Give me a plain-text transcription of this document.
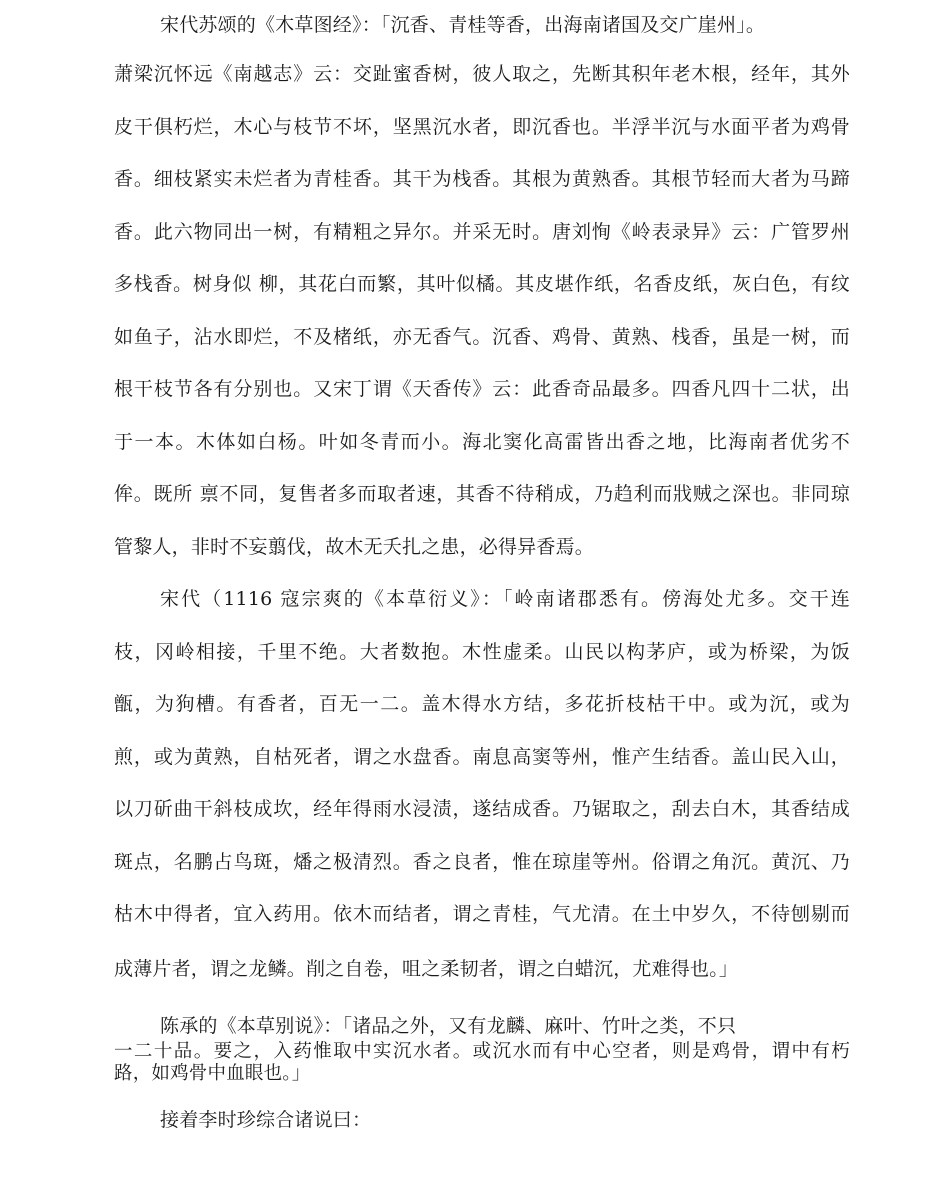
宋代苏颂的《木草图经》：「沉香、青桂等香，出海南诸国及交广崖州」。
萧梁沉怀远《南越志》云：交趾蜜香树，彼人取之，先断其积年老木根，经年，其外
皮干俱朽烂，木心与枝节不坏，坚黑沉水者，即沉香也。半浮半沉与水面平者为鸡骨
香。细枝紧实未烂者为青桂香。其干为栈香。其根为黄熟香。其根节轻而大者为马蹄
香。此六物同出一树，有精粗之异尔。并采无时。唐刘恂《岭表录异》云：广管罗州
多栈香。树身似 柳，其花白而繁，其叶似橘。其皮堪作纸，名香皮纸，灰白色，有纹
如鱼子，沾水即烂，不及楮纸，亦无香气。沉香、鸡骨、黄熟、栈香，虽是一树，而
根干枝节各有分别也。又宋丁谓《天香传》云：此香奇品最多。四香凡四十二状，出
于一本。木体如白杨。叶如冬青而小。海北窦化高雷皆出香之地，比海南者优劣不
侔。既所 禀不同，复售者多而取者速，其香不待稍成，乃趋利而戕贼之深也。非同琼
管黎人，非时不妄翦伐，故木无夭扎之患，必得异香焉。
宋代（1116 寇宗爽的《本草衍义》：「岭南诸郡悉有。傍海处尤多。交干连
枝，冈岭相接，千里不绝。大者数抱。木性虚柔。山民以构茅庐，或为桥梁，为饭
甑，为狗槽。有香者，百无一二。盖木得水方结，多花折枝枯干中。或为沉，或为
煎，或为黄熟，自枯死者，谓之水盘香。南息高窦等州，惟产生结香。盖山民入山，
以刀斫曲干斜枝成坎，经年得雨水浸渍，遂结成香。乃锯取之，刮去白木，其香结成
斑点，名鹏占鸟斑，燔之极清烈。香之良者，惟在琼崖等州。俗谓之角沉。黄沉、乃
枯木中得者，宜入药用。依木而结者，谓之青桂，气尤清。在土中岁久，不待刨剔而
成薄片者，谓之龙鳞。削之自卷，咀之柔韧者，谓之白蜡沉，尤难得也。」
陈承的《本草别说》：「诸品之外，又有龙麟、麻叶、竹叶之类，不只
一二十品。要之，入药惟取中实沉水者。或沉水而有中心空者，则是鸡骨，谓中有朽
路，如鸡骨中血眼也。」
接着李时珍综合诸说曰：
